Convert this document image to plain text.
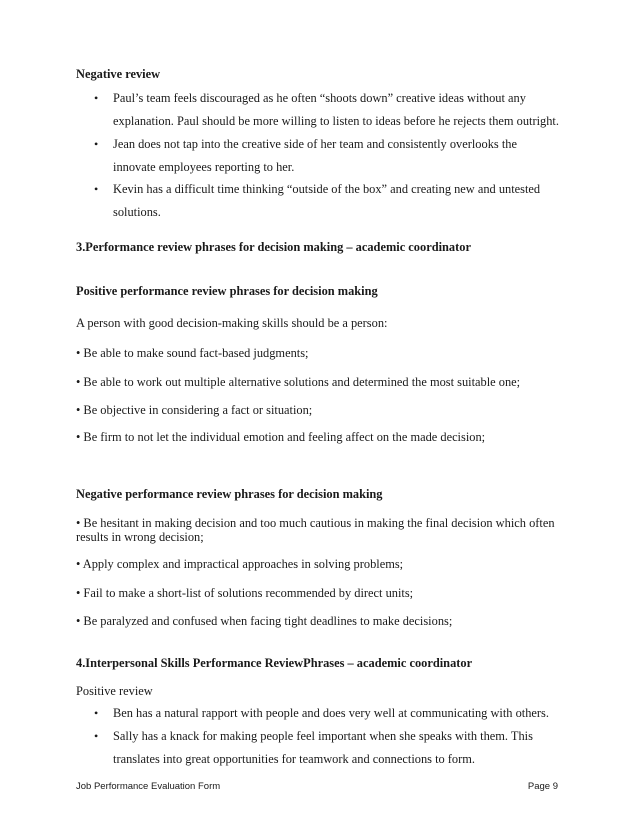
Negative review
• Paul’s team feels discouraged as he often “shoots down” creative ideas without any
explanation. Paul should be more willing to listen to ideas before he rejects them outright.
• Jean does not tap into the creative side of her team and consistently overlooks the
innovate employees reporting to her.
• Kevin has a difficult time thinking “outside of the box” and creating new and untested
solutions.
3.Performance review phrases for decision making – academic coordinator
Positive performance review phrases for decision making
A person with good decision-making skills should be a person:
• Be able to make sound fact-based judgments;
• Be able to work out multiple alternative solutions and determined the most suitable one;
• Be objective in considering a fact or situation;
• Be firm to not let the individual emotion and feeling affect on the made decision;
Negative performance review phrases for decision making
• Be hesitant in making decision and too much cautious in making the final decision which often
results in wrong decision;
• Apply complex and impractical approaches in solving problems;
• Fail to make a short-list of solutions recommended by direct units;
• Be paralyzed and confused when facing tight deadlines to make decisions;
4.Interpersonal Skills Performance ReviewPhrases – academic coordinator
Positive review
• Ben has a natural rapport with people and does very well at communicating with others.
• Sally has a knack for making people feel important when she speaks with them. This
translates into great opportunities for teamwork and connections to form.
Job Performance Evaluation Form	Page 9
